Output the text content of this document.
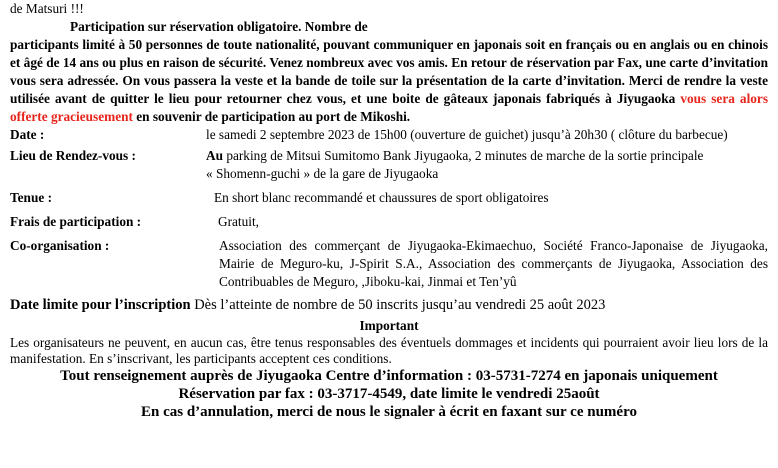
de Matsuri !!!

Participation sur réservation obligatoire. Nombre de

participants limité à 50 personnes de toute nationalité, pouvant communiquer en japonais soit en français ou en anglais ou en chinois et âgé de 14 ans ou plus en raison de sécurité. Venez nombreux avec vos amis. En retour de réservation par Fax, une carte d’invitation vous sera adressée. On vous passera la veste et la bande de toile sur la présentation de la carte d’invitation. Merci de rendre la veste utilisée avant de quitter le lieu pour retourner chez vous, et une boite de gâteaux japonais fabriqués à Jiyugaoka vous sera alors offerte gracieusement en souvenir de participation au port de Mikoshi.

Date :	le samedi 2 septembre 2023 de 15h00 (ouverture de guichet) jusqu’à 20h30 ( clôture du barbecue)
Lieu de Rendez-vous :	Au parking de Mitsui Sumitomo Bank Jiyugaoka, 2 minutes de marche de la sortie principale
« Shomenn-guchi » de la gare de Jiyugaoka
Tenue :	En short blanc recommandé et chaussures de sport obligatoires
Frais de participation :	Gratuit,
Co-organisation :	Association des commerçant de Jiyugaoka-Ekimaechuo, Société Franco-Japonaise de Jiyugaoka, Mairie de Meguro-ku, J-Spirit S.A., Association des commerçants de Jiyugaoka, Association des Contribuables de Meguro, ,Jiboku-kai, Jinmai et Ten’yû
Date limite pour l’inscription Dès l’atteinte de nombre de 50 inscrits jusqu’au vendredi 25 août 2023
Important
Les organisateurs ne peuvent, en aucun cas, être tenus responsables des éventuels dommages et incidents qui pourraient avoir lieu lors de la manifestation. En s’inscrivant, les participants acceptent ces conditions.
Tout renseignement auprès de Jiyugaoka Centre d’information : 03-5731-7274 en japonais uniquement
Réservation par fax : 03-3717-4549, date limite le vendredi 25août
En cas d’annulation, merci de nous le signaler à écrit en faxant sur ce numéro
